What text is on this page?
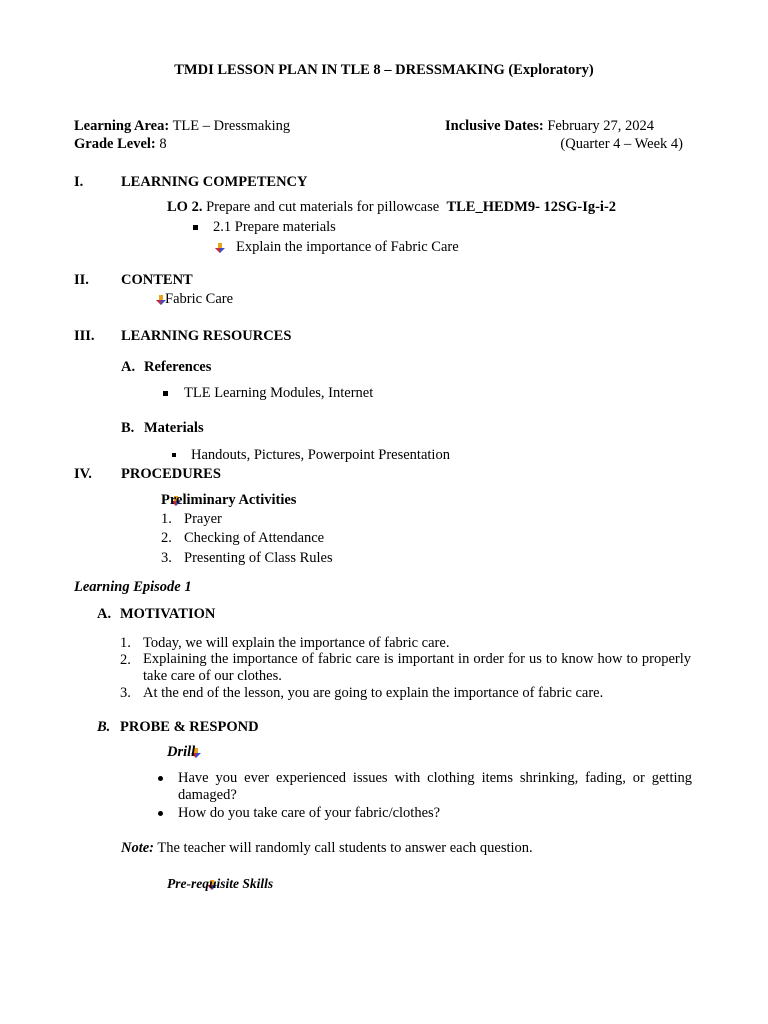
TMDI LESSON PLAN IN TLE 8 – DRESSMAKING (Exploratory)
Learning Area: TLE – Dressmaking	Inclusive Dates: February 27, 2024
Grade Level: 8	(Quarter 4 – Week 4)
I.	LEARNING COMPETENCY
LO 2. Prepare and cut materials for pillowcase TLE_HEDM9- 12SG-Ig-i-2
2.1 Prepare materials

Explain the importance of Fabric Care
II. CONTENT

Fabric Care
III. LEARNING RESOURCES
A. References
TLE Learning Modules, Internet
B. Materials
Handouts, Pictures, Powerpoint Presentation
IV. PROCEDURES

Preliminary Activities
1. Prayer
2. Checking of Attendance
3. Presenting of Class Rules
Learning Episode 1
A. MOTIVATION
1. Today, we will explain the importance of fabric care.
2. Explaining the importance of fabric care is important in order for us to know how to properly take care of our clothes.
3. At the end of the lesson, you are going to explain the importance of fabric care.
B. PROBE & RESPOND

Drill
Have you ever experienced issues with clothing items shrinking, fading, or getting damaged?
How do you take care of your fabric/clothes?
Note: The teacher will randomly call students to answer each question.
Pre-requisite Skills
